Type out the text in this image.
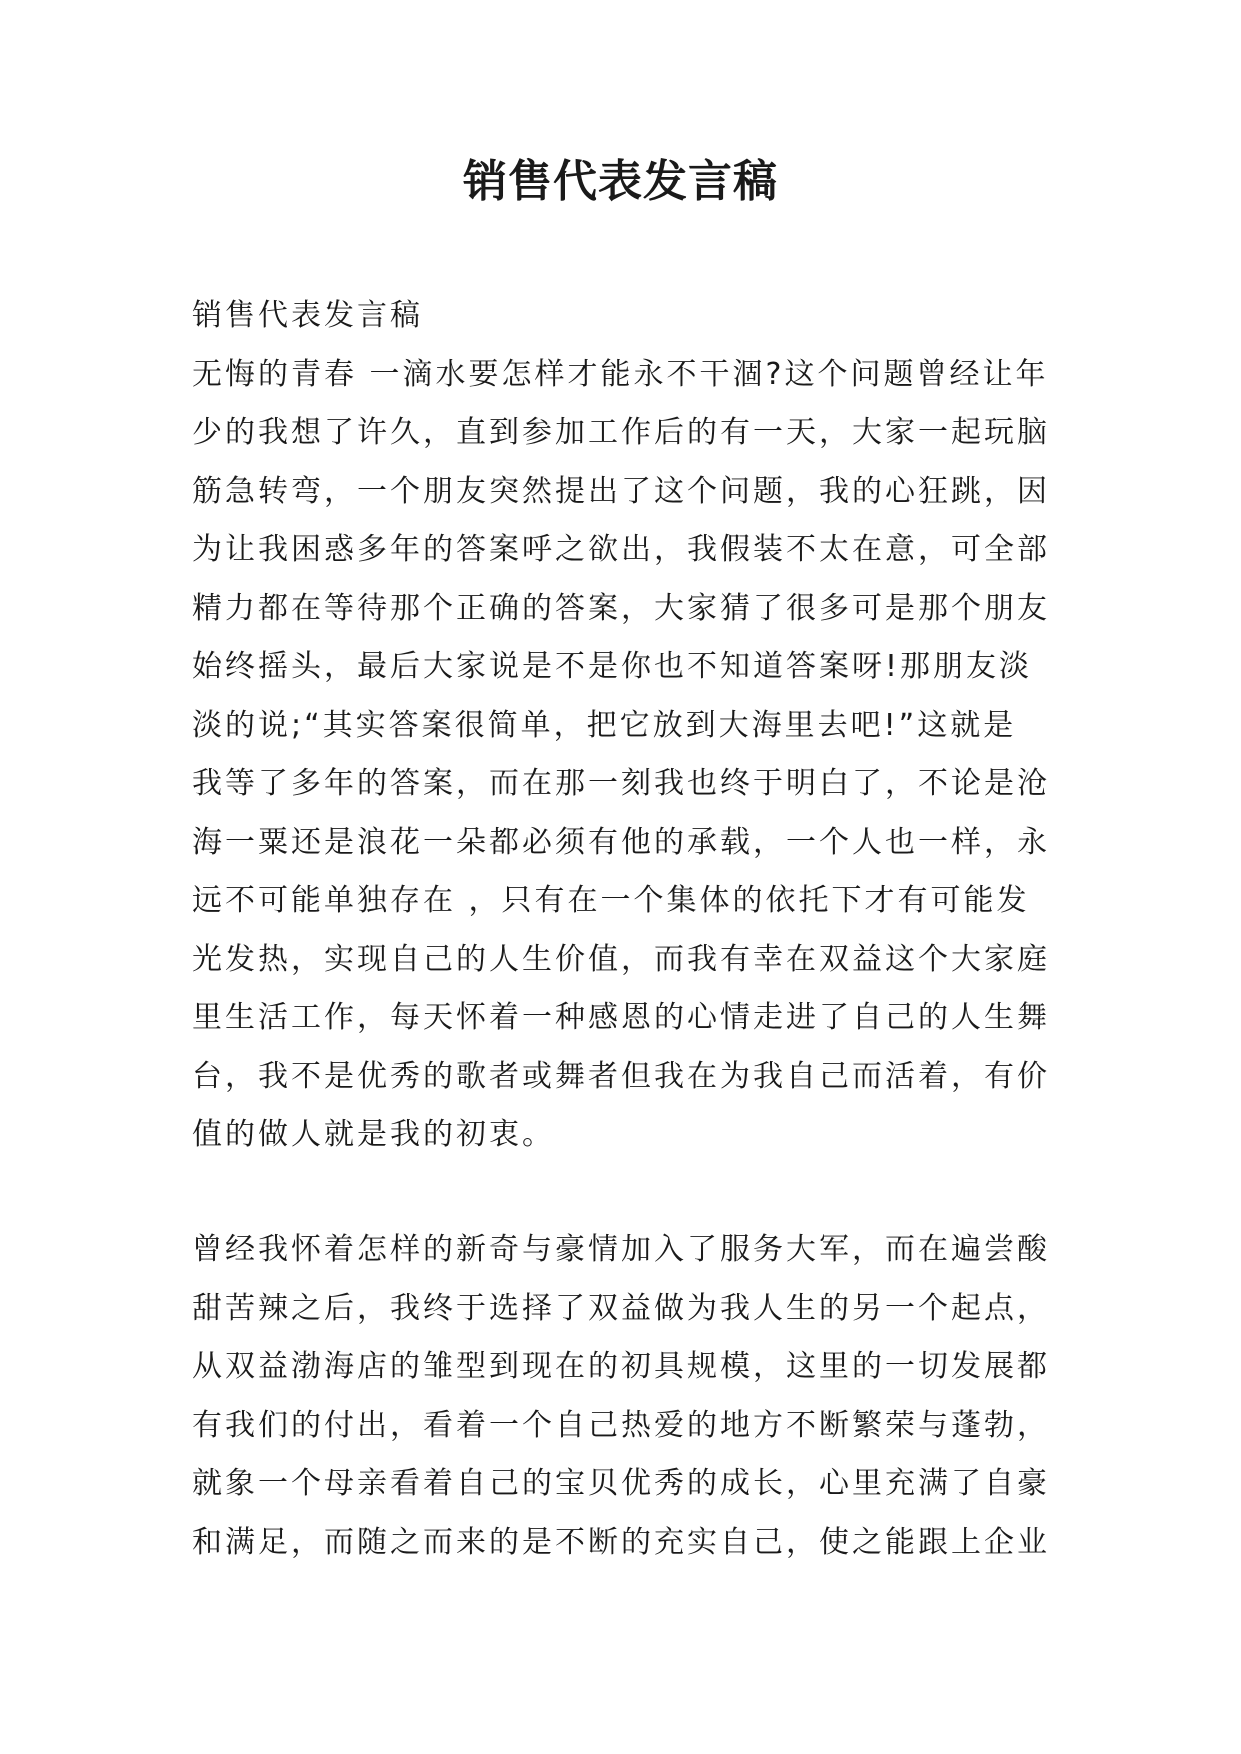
销售代表发言稿
销售代表发言稿
无悔的青春 一滴水要怎样才能永不干涸?这个问题曾经让年
少的我想了许久，直到参加工作后的有一天，大家一起玩脑
筋急转弯，一个朋友突然提出了这个问题，我的心狂跳，因
为让我困惑多年的答案呼之欲出，我假装不太在意，可全部
精力都在等待那个正确的答案，大家猜了很多可是那个朋友
始终摇头，最后大家说是不是你也不知道答案呀!那朋友淡
淡的说;“其实答案很简单，把它放到大海里去吧!”这就是
我等了多年的答案，而在那一刻我也终于明白了，不论是沧
海一粟还是浪花一朵都必须有他的承载，一个人也一样，永
远不可能单独存在 ，只有在一个集体的依托下才有可能发
光发热，实现自己的人生价值，而我有幸在双益这个大家庭
里生活工作，每天怀着一种感恩的心情走进了自己的人生舞
台，我不是优秀的歌者或舞者但我在为我自己而活着，有价
值的做人就是我的初衷。
曾经我怀着怎样的新奇与豪情加入了服务大军，而在遍尝酸
甜苦辣之后，我终于选择了双益做为我人生的另一个起点，
从双益渤海店的雏型到现在的初具规模，这里的一切发展都
有我们的付出，看着一个自己热爱的地方不断繁荣与蓬勃，
就象一个母亲看着自己的宝贝优秀的成长，心里充满了自豪
和满足，而随之而来的是不断的充实自己，使之能跟上企业
